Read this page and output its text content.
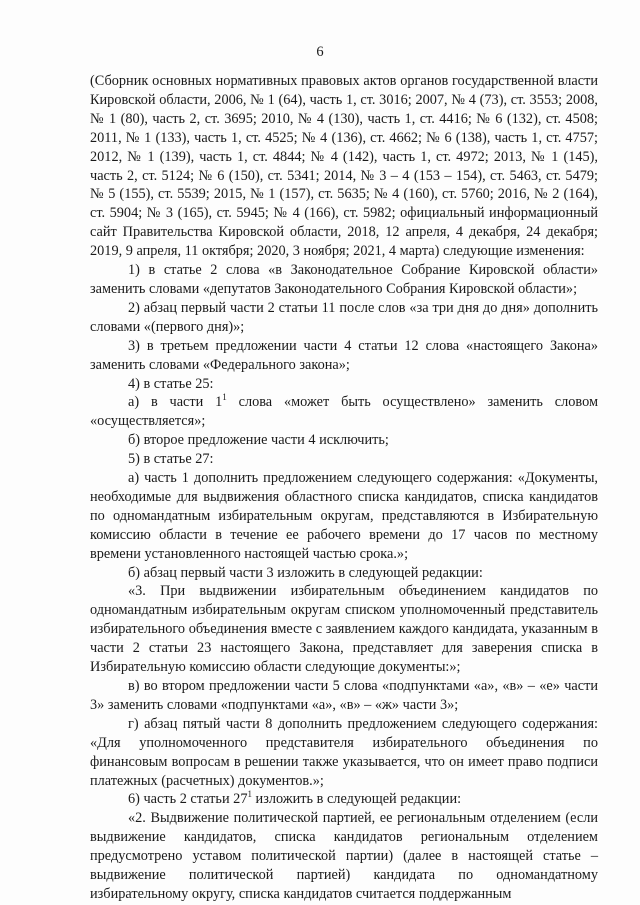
6

(Сборник основных нормативных правовых актов органов государственной власти Кировской области, 2006, № 1 (64), часть 1, ст. 3016; 2007, № 4 (73), ст. 3553; 2008, № 1 (80), часть 2, ст. 3695; 2010, № 4 (130), часть 1, ст. 4416; № 6 (132), ст. 4508; 2011, № 1 (133), часть 1, ст. 4525; № 4 (136), ст. 4662; № 6 (138), часть 1, ст. 4757; 2012, № 1 (139), часть 1, ст. 4844; № 4 (142), часть 1, ст. 4972; 2013, № 1 (145), часть 2, ст. 5124; № 6 (150), ст. 5341; 2014, № 3 – 4 (153 – 154), ст. 5463, ст. 5479; № 5 (155), ст. 5539; 2015, № 1 (157), ст. 5635; № 4 (160), ст. 5760; 2016, № 2 (164), ст. 5904; № 3 (165), ст. 5945; № 4 (166), ст. 5982; официальный информационный сайт Правительства Кировской области, 2018, 12 апреля, 4 декабря, 24 декабря; 2019, 9 апреля, 11 октября; 2020, 3 ноября; 2021, 4 марта) следующие изменения:

1) в статье 2 слова «в Законодательное Собрание Кировской области» заменить словами «депутатов Законодательного Собрания Кировской области»;

2) абзац первый части 2 статьи 11 после слов «за три дня до дня» дополнить словами «(первого дня)»;

3) в третьем предложении части 4 статьи 12 слова «настоящего Закона» заменить словами «Федерального закона»;

4) в статье 25:

а) в части $1^1$ слова «может быть осуществлено» заменить словом «осуществляется»;

б) второе предложение части 4 исключить;

5) в статье 27:

а) часть 1 дополнить предложением следующего содержания: «Документы, необходимые для выдвижения областного списка кандидатов, списка кандидатов по одномандатным избирательным округам, представляются в Избирательную комиссию области в течение ее рабочего времени до 17 часов по местному времени установленного настоящей частью срока.»;

б) абзац первый части 3 изложить в следующей редакции:

«3. При выдвижении избирательным объединением кандидатов по одномандатным избирательным округам списком уполномоченный представитель избирательного объединения вместе с заявлением каждого кандидата, указанным в части 2 статьи 23 настоящего Закона, представляет для заверения списка в Избирательную комиссию области следующие документы:»;

в) во втором предложении части 5 слова «подпунктами «а», «в» – «е» части 3» заменить словами «подпунктами «а», «в» – «ж» части 3»;

г) абзац пятый части 8 дополнить предложением следующего содержания: «Для уполномоченного представителя избирательного объединения по финансовым вопросам в решении также указывается, что он имеет право подписи платежных (расчетных) документов.»;

6) часть 2 статьи $27^1$ изложить в следующей редакции:

«2. Выдвижение политической партией, ее региональным отделением (если выдвижение кандидатов, списка кандидатов региональным отделением предусмотрено уставом политической партии) (далее в настоящей статье – выдвижение политической партией) кандидата по одномандатному избирательному округу, списка кандидатов считается поддержанным
